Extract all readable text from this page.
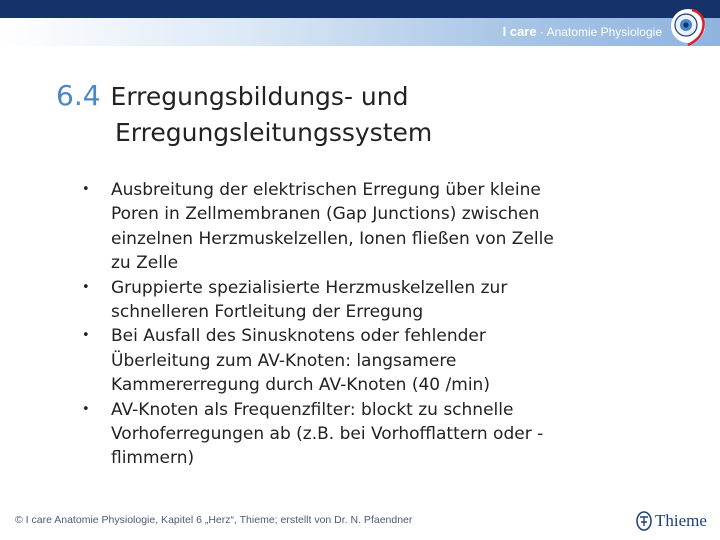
I care · Anatomie Physiologie
6.4 Erregungsbildungs- und
Erregungsleitungssystem
• Ausbreitung der elektrischen Erregung über kleine
Poren in Zellmembranen (Gap Junctions) zwischen
einzelnen Herzmuskelzellen, Ionen fließen von Zelle
zu Zelle
• Gruppierte spezialisierte Herzmuskelzellen zur
schnelleren Fortleitung der Erregung
• Bei Ausfall des Sinusknotens oder fehlender
Überleitung zum AV-Knoten: langsamere
Kammererregung durch AV-Knoten (40 /min)
• AV-Knoten als Frequenzfilter: blockt zu schnelle
Vorhoferregungen ab (z.B. bei Vorhofflattern oder -
flimmern)
© I care Anatomie Physiologie, Kapitel 6 „Herz“, Thieme; erstellt von Dr. N. Pfaendner	Thieme
